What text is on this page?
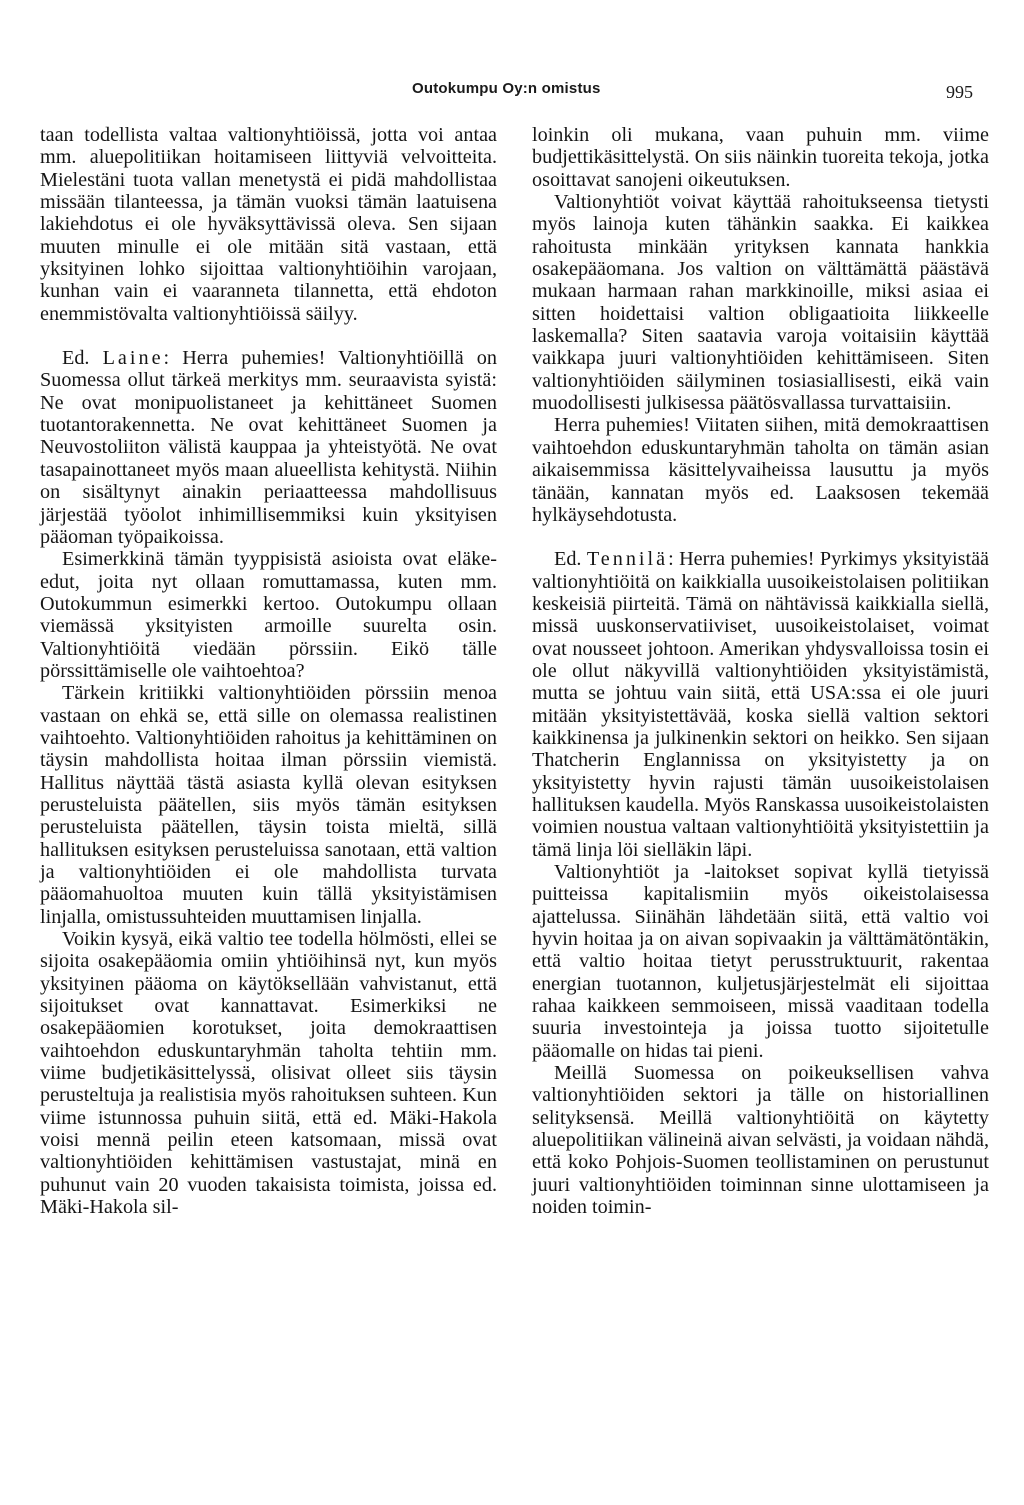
Outokumpu Oy:n omistus	995

taan todellista valtaa valtionyhtiöissä, jotta voi antaa mm. aluepolitiikan hoitamiseen liittyviä velvoitteita. Mielestäni tuota vallan menetystä ei pidä mahdollistaa missään tilanteessa, ja tämän vuoksi tämän laatuisena lakiehdotus ei ole hyväksyttävissä oleva. Sen sijaan muuten minulle ei ole mitään sitä vastaan, että yksityinen lohko sijoittaa valtionyhtiöihin varojaan, kunhan vain ei vaaranneta tilannetta, että ehdoton enemmistövalta valtionyhtiöissä säilyy.

Ed. Laine: Herra puhemies! Valtionyhtiöillä on Suomessa ollut tärkeä merkitys mm. seuraavista syistä: Ne ovat monipuolistaneet ja kehittäneet Suomen tuotantorakennetta. Ne ovat kehittäneet Suomen ja Neuvostoliiton välistä kauppaa ja yhteistyötä. Ne ovat tasapainottaneet myös maan alueellista kehitystä. Niihin on sisältynyt ainakin periaatteessa mahdollisuus järjestää työolot inhimillisemmiksi kuin yksityisen pääoman työpaikoissa.

Esimerkkinä tämän tyyppisistä asioista ovat eläke-edut, joita nyt ollaan romuttamassa, kuten mm. Outokummun esimerkki kertoo. Outokumpu ollaan viemässä yksityisten armoille suurelta osin. Valtionyhtiöitä viedään pörssiin. Eikö tälle pörssittämiselle ole vaihtoehtoa?

Tärkein kritiikki valtionyhtiöiden pörssiin menoa vastaan on ehkä se, että sille on olemassa realistinen vaihtoehto. Valtionyhtiöiden rahoitus ja kehittäminen on täysin mahdollista hoitaa ilman pörssiin viemistä. Hallitus näyttää tästä asiasta kyllä olevan esityksen perusteluista päätellen, siis myös tämän esityksen perusteluista päätellen, täysin toista mieltä, sillä hallituksen esityksen perusteluissa sanotaan, että valtion ja valtionyhtiöiden ei ole mahdollista turvata pääomahuoltoa muuten kuin tällä yksityistämisen linjalla, omistussuhteiden muuttamisen linjalla.

Voikin kysyä, eikä valtio tee todella hölmösti, ellei se sijoita osakepääomia omiin yhtiöihinsä nyt, kun myös yksityinen pääoma on käytöksellään vahvistanut, että sijoitukset ovat kannattavat. Esimerkiksi ne osakepääomien korotukset, joita demokraattisen vaihtoehdon eduskuntaryhmän taholta tehtiin mm. viime budjetikäsittelyssä, olisivat olleet siis täysin perusteltuja ja realistisia myös rahoituksen suhteen. Kun viime istunnossa puhuin siitä, että ed. Mäki-Hakola voisi mennä peilin eteen katsomaan, missä ovat valtionyhtiöiden kehittämisen vastustajat, minä en puhunut vain 20 vuoden takaisista toimista, joissa ed. Mäki-Hakola sil-

loinkin oli mukana, vaan puhuin mm. viime budjettikäsittelystä. On siis näinkin tuoreita tekoja, jotka osoittavat sanojeni oikeutuksen.

Valtionyhtiöt voivat käyttää rahoitukseensa tietysti myös lainoja kuten tähänkin saakka. Ei kaikkea rahoitusta minkään yrityksen kannata hankkia osakepääomana. Jos valtion on välttämättä päästävä mukaan harmaan rahan markkinoille, miksi asiaa ei sitten hoidettaisi valtion obligaatioita liikkeelle laskemalla? Siten saatavia varoja voitaisiin käyttää vaikkapa juuri valtionyhtiöiden kehittämiseen. Siten valtionyhtiöiden säilyminen tosiasiallisesti, eikä vain muodollisesti julkisessa päätösvallassa turvattaisiin.

Herra puhemies! Viitaten siihen, mitä demokraattisen vaihtoehdon eduskuntaryhmän taholta on tämän asian aikaisemmissa käsittelyvaiheissa lausuttu ja myös tänään, kannatan myös ed. Laaksosen tekemää hylkäysehdotusta.

Ed. Tennilä: Herra puhemies! Pyrkimys yksityistää valtionyhtiöitä on kaikkialla uusoikeistolaisen politiikan keskeisiä piirteitä. Tämä on nähtävissä kaikkialla siellä, missä uuskonservatiiviset, uusoikeistolaiset, voimat ovat nousseet johtoon. Amerikan yhdysvalloissa tosin ei ole ollut näkyvillä valtionyhtiöiden yksityistämistä, mutta se johtuu vain siitä, että USA:ssa ei ole juuri mitään yksityistettävää, koska siellä valtion sektori kaikkinensa ja julkinenkin sektori on heikko. Sen sijaan Thatcherin Englannissa on yksityistetty ja on yksityistetty hyvin rajusti tämän uusoikeistolaisen hallituksen kaudella. Myös Ranskassa uusoikeistolaisten voimien noustua valtaan valtionyhtiöitä yksityistettiin ja tämä linja löi sielläkin läpi.

Valtionyhtiöt ja -laitokset sopivat kyllä tietyissä puitteissa kapitalismiin myös oikeistolaisessa ajattelussa. Siinähän lähdetään siitä, että valtio voi hyvin hoitaa ja on aivan sopivaakin ja välttämätöntäkin, että valtio hoitaa tietyt perusstruktuurit, rakentaa energian tuotannon, kuljetusjärjestelmät eli sijoittaa rahaa kaikkeen semmoiseen, missä vaaditaan todella suuria investointeja ja joissa tuotto sijoitetulle pääomalle on hidas tai pieni.

Meillä Suomessa on poikeuksellisen vahva valtionyhtiöiden sektori ja tälle on historiallinen selityksensä. Meillä valtionyhtiöitä on käytetty aluepolitiikan välineinä aivan selvästi, ja voidaan nähdä, että koko Pohjois-Suomen teollistaminen on perustunut juuri valtionyhtiöiden toiminnan sinne ulottamiseen ja noiden toimin-
